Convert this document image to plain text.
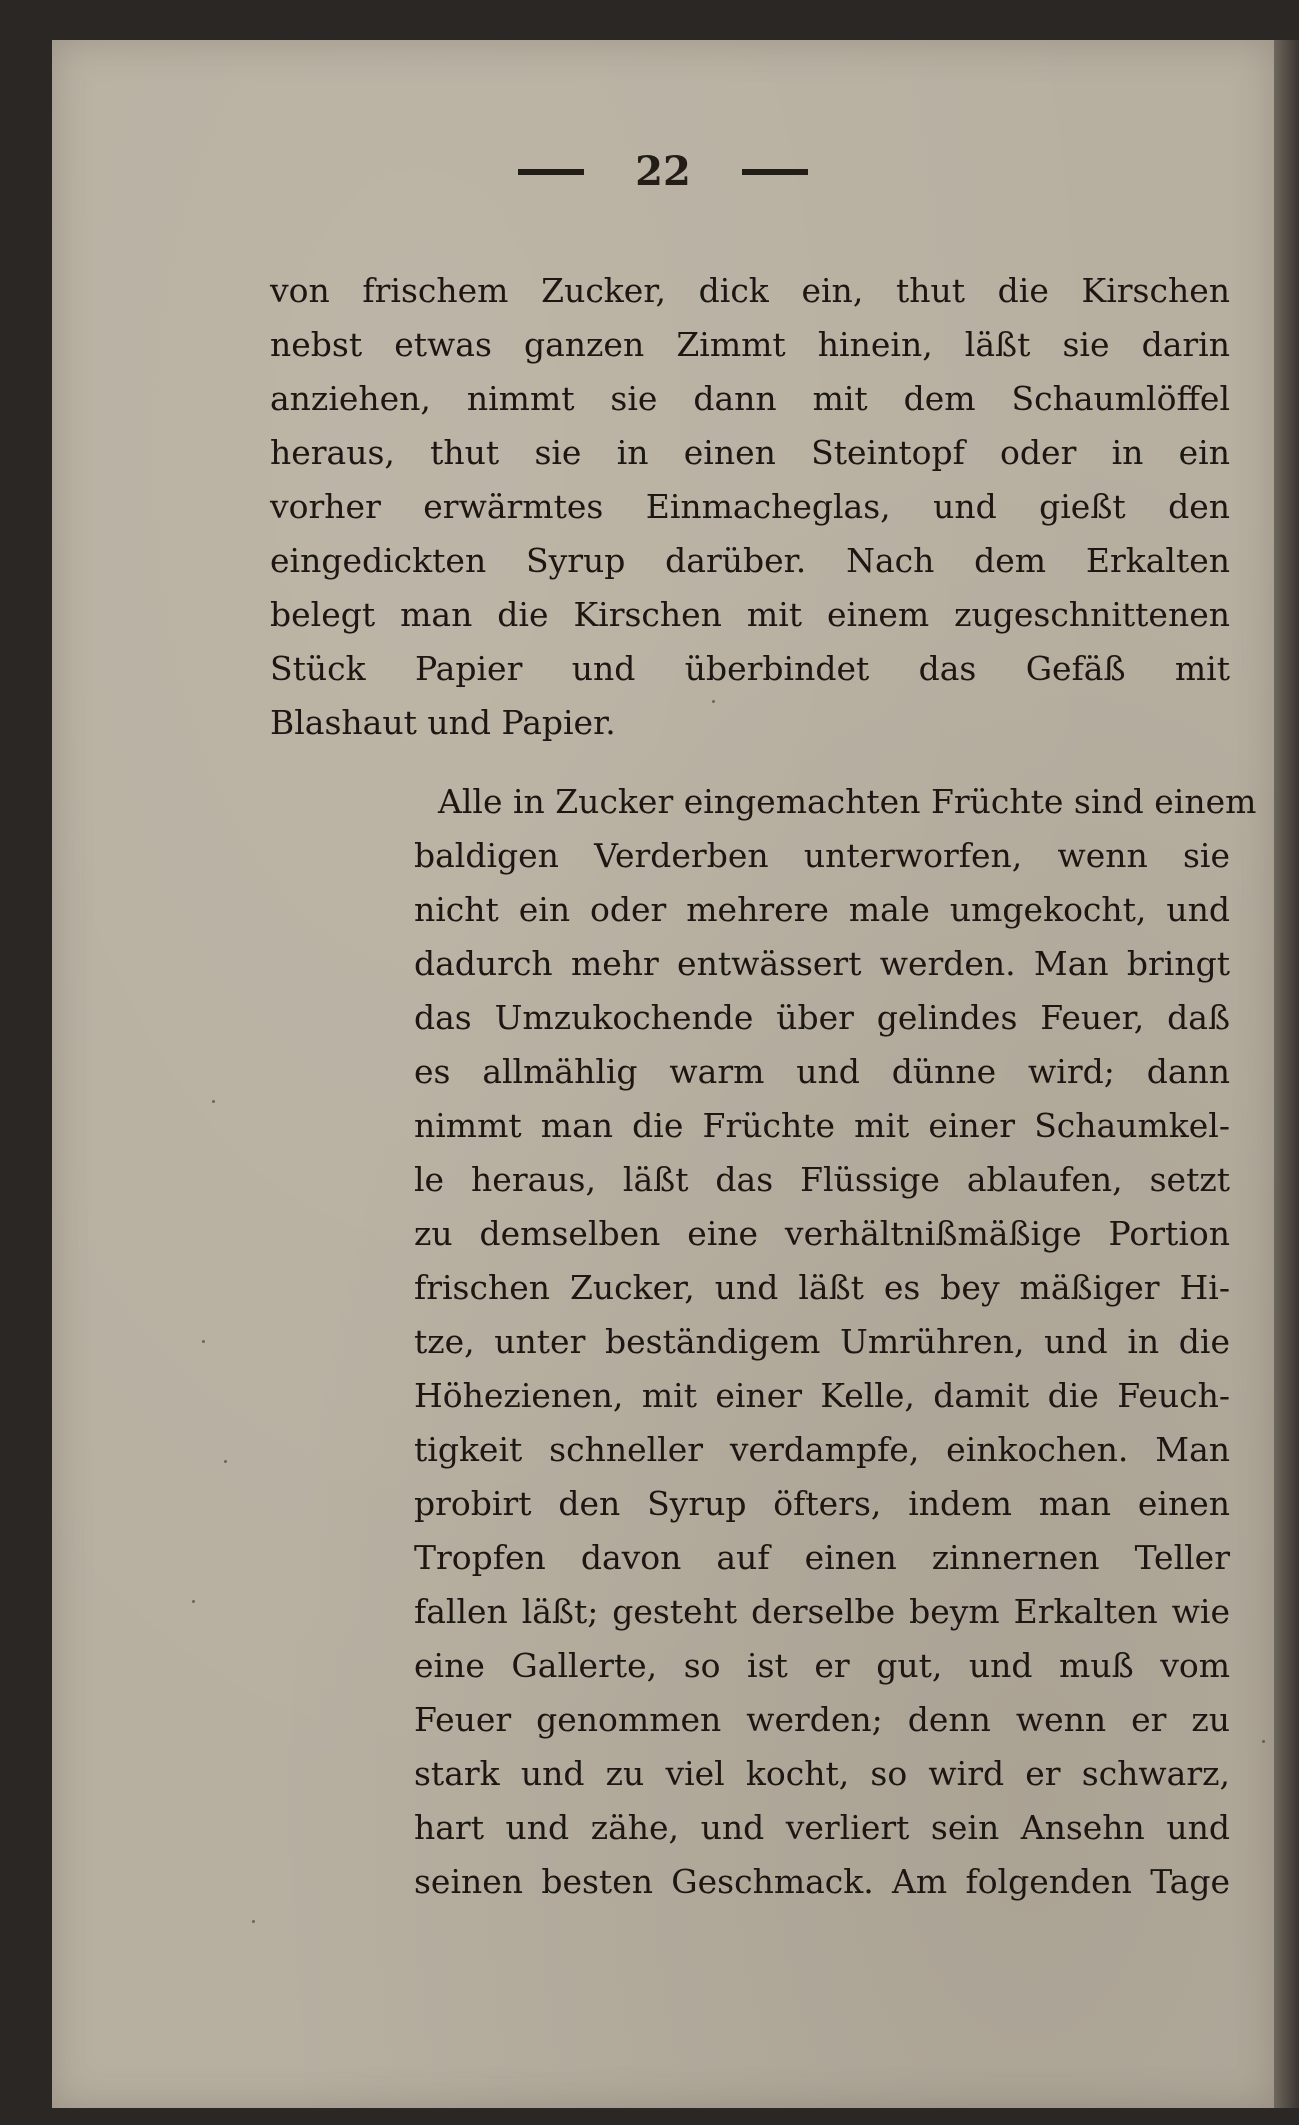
22
von frischem Zucker, dick ein, thut die Kirschen
nebst etwas ganzen Zimmt hinein, läßt sie darin
anziehen, nimmt sie dann mit dem Schaumlöffel
heraus, thut sie in einen Steintopf oder in ein
vorher erwärmtes Einmacheglas, und gießt den
eingedickten Syrup darüber. Nach dem Erkalten
belegt man die Kirschen mit einem zugeschnittenen
Stück Papier und überbindet das Gefäß mit
Blashaut und Papier.
Alle in Zucker eingemachten Früchte sind einem
baldigen Verderben unterworfen, wenn sie
nicht ein oder mehrere male umgekocht, und
dadurch mehr entwässert werden. Man bringt
das Umzukochende über gelindes Feuer, daß
es allmählig warm und dünne wird; dann
nimmt man die Früchte mit einer Schaumkel-
le heraus, läßt das Flüssige ablaufen, setzt
zu demselben eine verhältnißmäßige Portion
frischen Zucker, und läßt es bey mäßiger Hi-
tze, unter beständigem Umrühren, und in die
Höhezienen, mit einer Kelle, damit die Feuch-
tigkeit schneller verdampfe, einkochen. Man
probirt den Syrup öfters, indem man einen
Tropfen davon auf einen zinnernen Teller
fallen läßt; gesteht derselbe beym Erkalten wie
eine Gallerte, so ist er gut, und muß vom
Feuer genommen werden; denn wenn er zu
stark und zu viel kocht, so wird er schwarz,
hart und zähe, und verliert sein Ansehn und
seinen besten Geschmack. Am folgenden Tage
